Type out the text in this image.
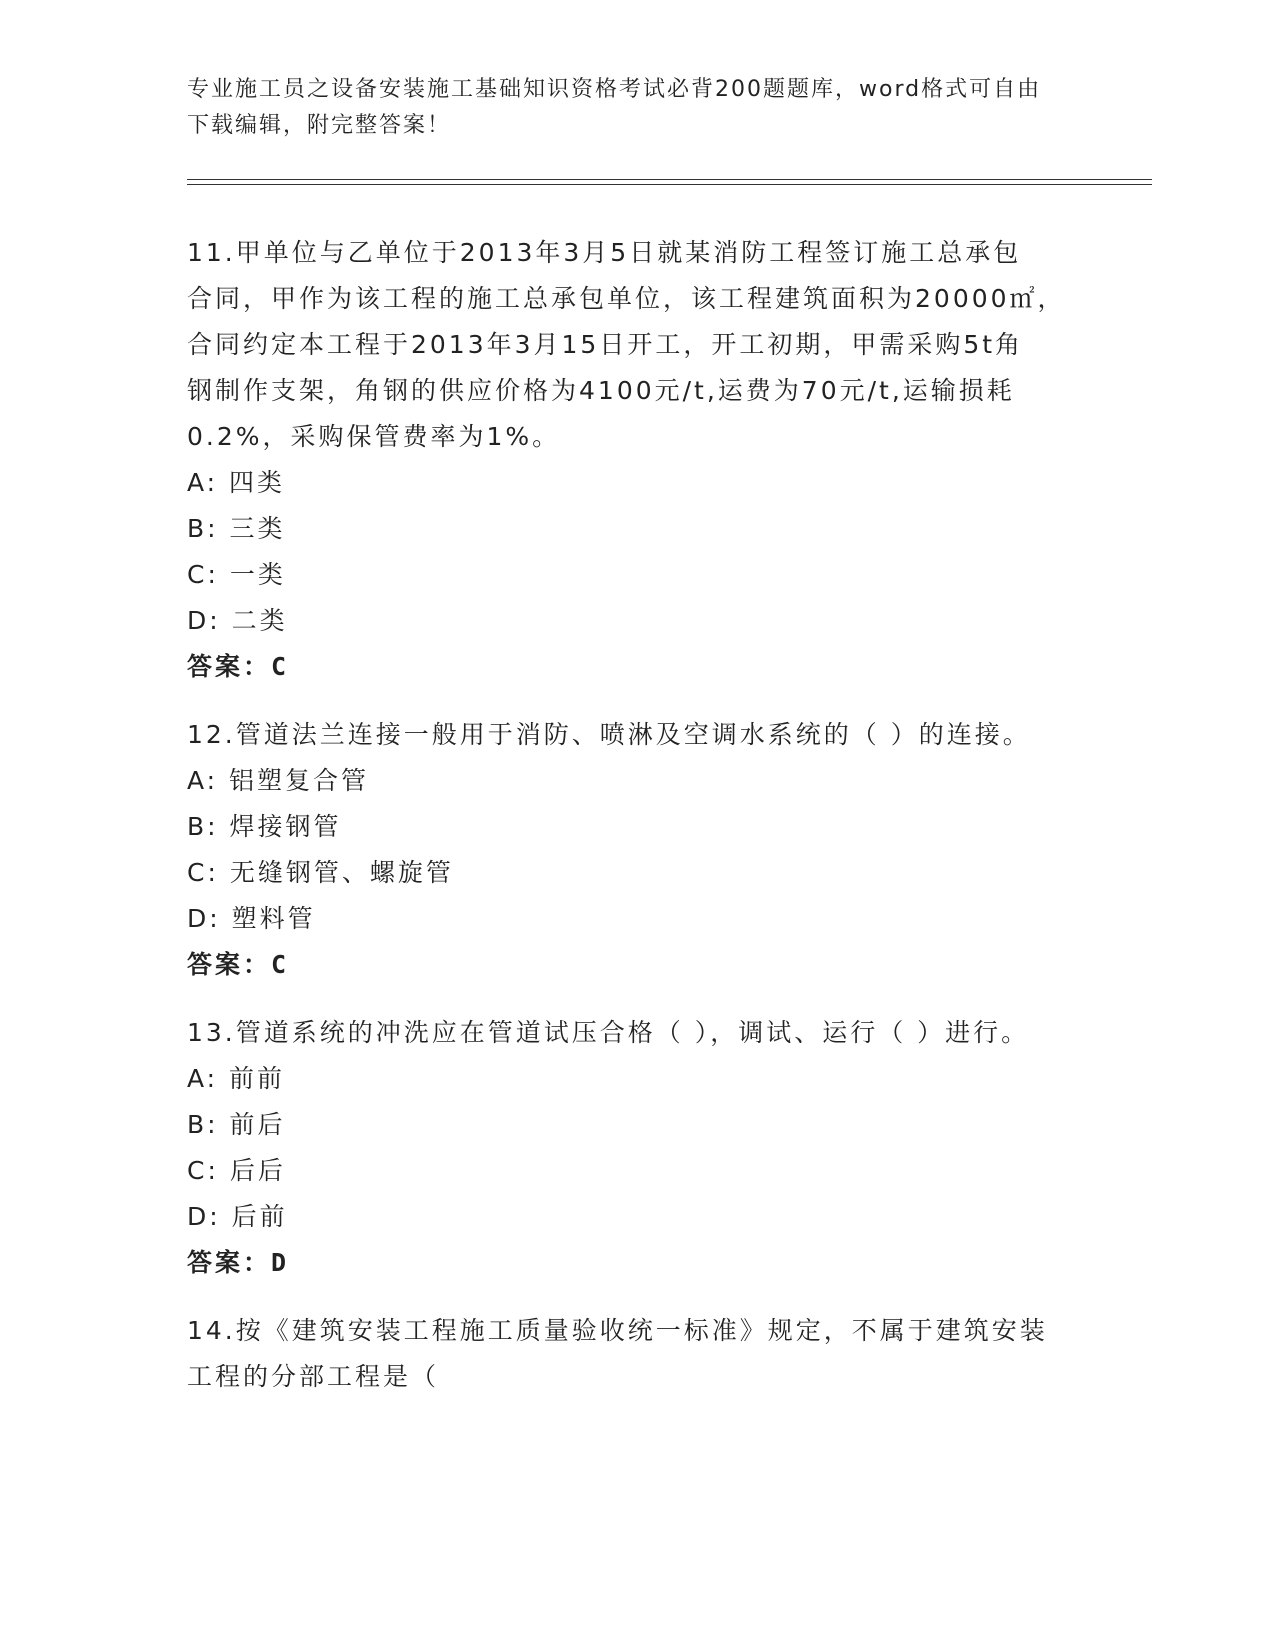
专业施工员之设备安装施工基础知识资格考试必背200题题库，word格式可自由
下载编辑，附完整答案！
11.甲单位与乙单位于2013年3月5日就某消防工程签订施工总承包
合同，甲作为该工程的施工总承包单位，该工程建筑面积为20000㎡，
合同约定本工程于2013年3月15日开工，开工初期，甲需采购5t角
钢制作支架，角钢的供应价格为4100元/t,运费为70元/t,运输损耗
0.2%，采购保管费率为1%。
A: 四类
B: 三类
C: 一类
D: 二类
答案：C
12.管道法兰连接一般用于消防、喷淋及空调水系统的（ ）的连接。
A: 铝塑复合管
B: 焊接钢管
C: 无缝钢管、螺旋管
D: 塑料管
答案：C
13.管道系统的冲洗应在管道试压合格（ ），调试、运行（ ）进行。
A: 前前
B: 前后
C: 后后
D: 后前
答案：D
14.按《建筑安装工程施工质量验收统一标准》规定，不属于建筑安装
工程的分部工程是（
